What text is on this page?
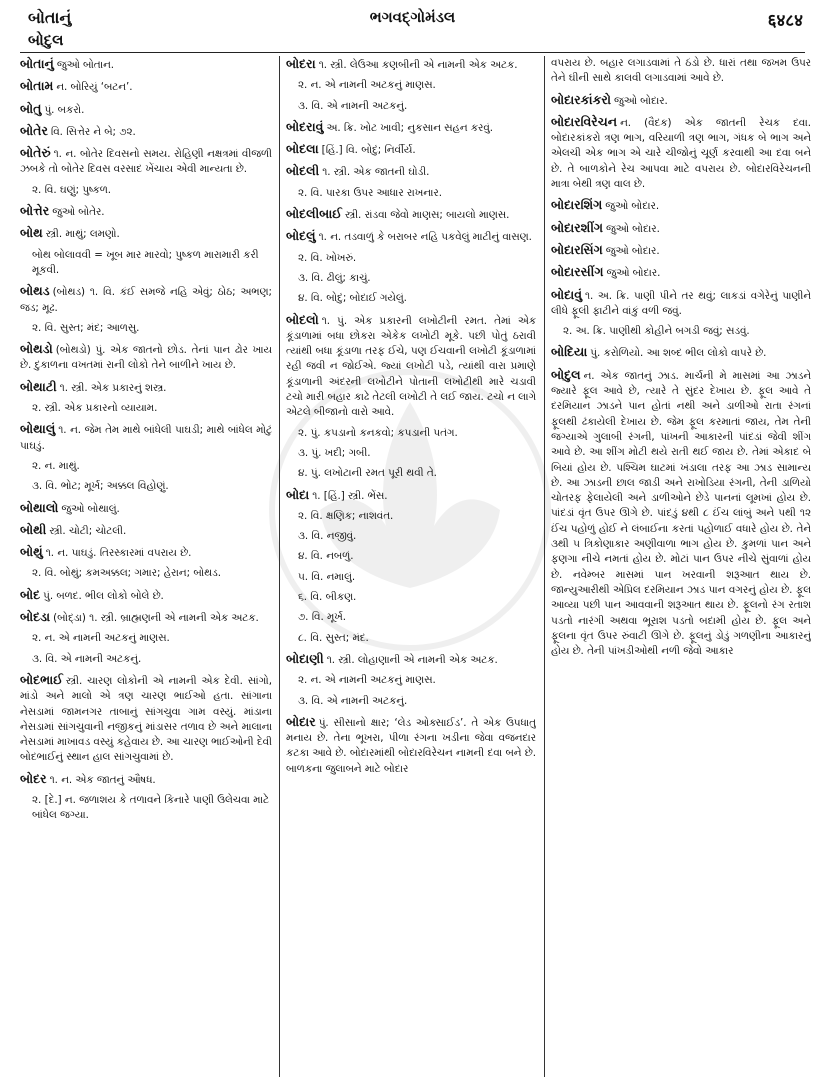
બોતાનું	ભગવદ્ગોમંડલ	६४८४
બોદુલ

બોતાનું જુઓ બોતાન.

બોતામ ન. બોરિયું ‘બટન’.

બોતુ પું. બકરો.

બોતેર વિ. સિત્તેર ને બે; ૭૨.

બોતેરું ૧. ન. બોતેર દિવસનો સમય. રોહિણી નક્ષત્રમાં વીજળી ઝબકે તો બોતેર દિવસ વરસાદ ખેંચાય એવી માન્યતા છે.

૨. વિ. ઘણું; પુષ્કળ.

બોત્તેર જુઓ બોતેર.

બોથ સ્ત્રી. માથું; લમણો.

બોથ બોલાવવી = ખૂબ માર મારવો; પુષ્કળ મારામારી કરી મૂકવી.

બોથડ (બોથડ) ૧. વિ. કંઈ સમજે નહિ એવું; ઠોઠ; અભણ; જડ; મૂઢ.

૨. વિ. સુસ્ત; મંદ; આળસુ.

બોથડો (બોથડો) પું. એક જાતનો છોડ. તેનાં પાન ઢોર ખાય છે. દુકાળના વખતમાં રાની લોકો તેને બાળીને ખાય છે.

બોથાટી ૧. સ્ત્રી. એક પ્રકારનું શસ્ત્ર.

૨. સ્ત્રી. એક પ્રકારનો વ્યાયામ.

બોથાલું ૧. ન. જેમ તેમ માથે બાંધેલી પાઘડી; માથે બાંધેલ મોટું પાઘડું.

૨. ન. માથું.

૩. વિ. ભોટ; મૂર્ખ; અક્કલ વિહોણું.

બોથાલો જુઓ બોથાલું.

બોથી સ્ત્રી. ચોટી; ચોટલી.

બોથું ૧. ન. પાઘડું. તિરસ્કારમાં વપરાય છે.

૨. વિ. બોથું; કમઅક્કલ; ગમાર; હેરાન; બોથડ.

બોદ પું. બળદ. ભીલ લોકો બોલે છે.

બોદડા (બોદ્ડા) ૧. સ્ત્રી. બ્રાહ્મણની એ નામની એક અટક.

૨. ન. એ નામની અટકનું માણસ.

૩. વિ. એ નામની અટકનું.

બોદભાઈ સ્ત્રી. ચારણ લોકોની એ નામની એક દેવી. સાંગો, માંડો અને માલો એ ત્રણ ચારણ ભાઈઓ હતા. સાંગાના નેસડામાં જામનગર તાબાનું સાંગચુવા ગામ વસ્યું. માંડાના નેસડામાં સાંગચુવાની નજીકનું માંડાસર તળાવ છે અને માલાના નેસડામાં માખાવડ વસ્યું કહેવાય છે. આ ચારણ ભાઈઓની દેવી બોદભાઈનું સ્થાન હાલ સાંગચુવામાં છે.

બોદર ૧. ન. એક જાતનું ઔષધ.

૨. [દે.] ન. જળાશય કે તળાવને કિનારે પાણી ઉલેચવા માટે બાંધેલ જગ્યા.

બોદરા ૧. સ્ત્રી. લેઉઆ કણબીની એ નામની એક અટક.

૨. ન. એ નામની અટકનું માણસ.

૩. વિ. એ નામની અટકનું.

બોદરાવું અ. ક્રિ. ખોટ ખાવી; નુકસાન સહન કરવું.

બોદલા [હિં.] વિ. બોદું; નિર્વીર્ય.

બોદલી ૧. સ્ત્રી. એક જાતની ઘોડી.

૨. વિ. પારકા ઉપર આધાર રાખનાર.

બોદલીબાઈ સ્ત્રી. રાંડવા જેવો માણસ; બાયલો માણસ.

બોદલું ૧. ન. તડવાળું કે બરાબર નહિ પકવેલું માટીનું વાસણ.

૨. વિ. ખોખરું.

૩. વિ. ઢીલું; કાચું.

૪. વિ. બોદું; બોદાઈ ગયેલું.

બોદલો ૧. પું. એક પ્રકારની લખોટીની રમત. તેમાં એક કૂંડાળામાં બધા છોકરા એકેક લખોટી મૂકે. પછી પોતું ઠરાવી ત્યાંથી બધા કૂંડાળા તરફ ઈચે, પણ ઈચવાની લખોટી કૂંડાળામાં રહી જવી ન જોઈએ. જ્યાં લખોટી પડે, ત્યાંથી વારા પ્રમાણે કૂંડાળાની અંદરની લખોટીને પોતાની લખોટીથી મારે ચડાવી ટચો મારી બહાર કાઢે તેટલી લખોટી તે લઈ જાય. ટચો ન લાગે એટલે બીજાનો વારો આવે.

૨. પું. કપડાનો કનકવો; કપડાની પતંગ.

૩. પું. ખદી; ગબી.

૪. પું. લખોટાની રમત પૂરી થવી તે.

બોદા ૧. [હિં.] સ્ત્રી. ભેંસ.

૨. વિ. ક્ષણિક; નાશવંત.

૩. વિ. નજીવું.

૪. વિ. નબળું.

૫. વિ. નમાલું.

૬. વિ. બીકણ.

૭. વિ. મૂર્ખ.

૮. વિ. સુસ્ત; મંદ.

બોદાણી ૧. સ્ત્રી. લોહાણાની એ નામની એક અટક.

૨. ન. એ નામની અટકનું માણસ.

૩. વિ. એ નામની અટકનું.

બોદાર પું. સીસાનો ક્ષાર; ‘લેડ ઓક્સાઈડ’. તે એક ઉપધાતુ મનાય છે. તેના ભૂખરા, પીળા રંગના ખડીના જેવા વજનદાર કટકા આવે છે. બોદારમાંથી બોદારવિરેચન નામની દવા બને છે. બાળકના જુલાબને માટે બોદાર

વપરાય છે. બહાર લગાડવામાં તે ઠંડો છે. ધારાં તથા જખમ ઉપર તેને ઘીની સાથે કાલવી લગાડવામાં આવે છે.

બોદારકાંકરો જુઓ બોદાર.

બોદારવિરેચન ન. (વૈદક) એક જાતની રેચક દવા. બોદારકાંકરો ત્રણ ભાગ, વરિયાળી ત્રણ ભાગ, ગંધક બે ભાગ અને એલચી એક ભાગ એ ચારે ચીજોનું ચૂર્ણ કરવાથી આ દવા બને છે. તે બાળકોને રેચ આપવા માટે વપરાય છે. બોદારવિરેચનની માત્રા બેથી ત્રણ વાલ છે.

બોદારશિંગ જુઓ બોદાર.

બોદારશીંગ જુઓ બોદાર.

બોદારસિંગ જુઓ બોદાર.

બોદારસીંગ જુઓ બોદાર.

બોદાવું ૧. અ. ક્રિ. પાણી પીને તર થવું; લાકડાં વગેરેનું પાણીને લીધે ફૂલી ફાટીને વાંકું વળી જવું.

૨. અ. ક્રિ. પાણીથી કોહીને બગડી જવું; સડવું.

બોદિયા પું. કરોળિયો. આ શબ્દ ભીલ લોકો વાપરે છે.

બોદુલ ન. એક જાતનું ઝાડ. માર્ચની મે માસમાં આ ઝાડને જ્યારે ફૂલ આવે છે, ત્યારે તે સુંદર દેખાય છે. ફૂલ આવે તે દરમિયાન ઝાડને પાન હોતાં નથી અને ડાળીઓ રાતા રંગનાં ફૂલથી ઢંકાયેલી દેખાય છે. જેમ ફૂલ કરમાતાં જાય, તેમ તેની જગ્યાએ ગુલાબી રંગની, પાંખની આકારની પાંદડાં જેવી શીંગ આવે છે. આ શીંગ મોટી થયે રાતી થઈ જાય છે. તેમાં એકાદ બે બિયાં હોય છે. પશ્ચિમ ઘાટમાં ખંડાલા તરફ આ ઝાડ સામાન્ય છે. આ ઝાડની છાલ જાડી અને રાખોડિયા રંગની, તેની ડાળિયો ચોતરફ ફેલાયેલી અને ડાળીઓને છેડે પાનનાં લૂમખાં હોય છે. પાંદડાં વૃંત ઉપર ઊગે છે. પાંદડું ૪થી ૮ ઈંચ લાંબું અને પથી ૧૨ ઈંચ પહોળું હોઈ ને લંબાઈના કરતાં પહોળાઈ વધારે હોય છે. તેને ૩થી ૫ ત્રિકોણાકાર અણીવાળા ભાગ હોય છે. કુમળાં પાન અને ફણગા નીચે નમતાં હોય છે. મોટાં પાન ઉપર નીચે સુંવાળાં હોય છે. નવેમ્બર માસમાં પાન ખરવાની શરૂઆત થાય છે. જાન્યુઆરીથી એપ્રિલ દરમિયાન ઝાડ પાન વગરનું હોય છે. ફૂલ આવ્યા પછી પાન આવવાની શરૂઆત થાય છે. ફૂલનો રંગ રતાશ પડતો નારંગી અથવા ભૂરાશ પડતો બદામી હોય છે. ફૂલ અને ફૂલના વૃંત ઉપર રુંવાટી ઊગે છે. ફૂલનું ડોડું ગળણીના આકારનું હોય છે. તેની પાંખડીઓથી નળી જેવો આકાર
